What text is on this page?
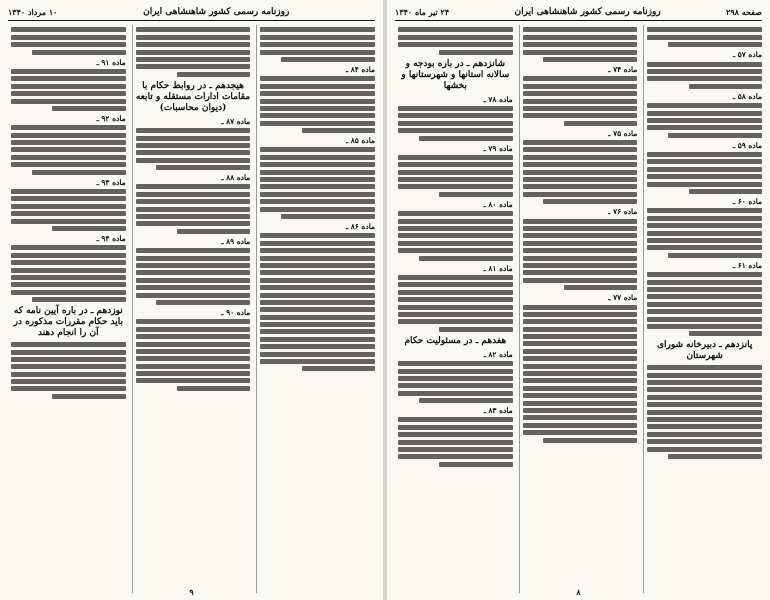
صفحه ۲۹۸
روزنامه رسمی کشور شاهنشاهی ایران
۲۴ تیر ماه ۱۳۴۰
ماده ۵۷ ـ
ماده ۵۸ ـ
ماده ۵۹ ـ
ماده ۶۰ ـ
ماده ۶۱ ـ
پانزدهم ـ دبیرخانه شورای شهرستان
ماده ۷۴ ـ
ماده ۷۵ ـ
ماده ۷۶ ـ
ماده ۷۷ ـ
شانزدهم ـ در باره بودجه و سالانه استانها و شهرستانها و بخشها
ماده ۷۸ ـ
ماده ۷۹ ـ
ماده ۸۰ ـ
ماده ۸۱ ـ
هفدهم ـ در مسئولیت حکام
ماده ۸۲ ـ
ماده ۸۳ ـ
۸
روزنامه رسمی کشور شاهنشاهی ایران
۱۰ مرداد ۱۳۴۰
ماده ۸۴ ـ
ماده ۸۵ ـ
ماده ۸۶ ـ
هیجدهم ـ در روابط حکام با مقامات ادارات مستقله و تابعه (دیوان محاسبات)
ماده ۸۷ ـ
ماده ۸۸ ـ
ماده ۸۹ ـ
ماده ۹۰ ـ
ماده ۹۱ ـ
ماده ۹۲ ـ
ماده ۹۳ ـ
ماده ۹۴ ـ
نوزدهم ـ در باره آیین نامه که باید حکام مقررات مذکوره در آن را انجام دهند
۹
